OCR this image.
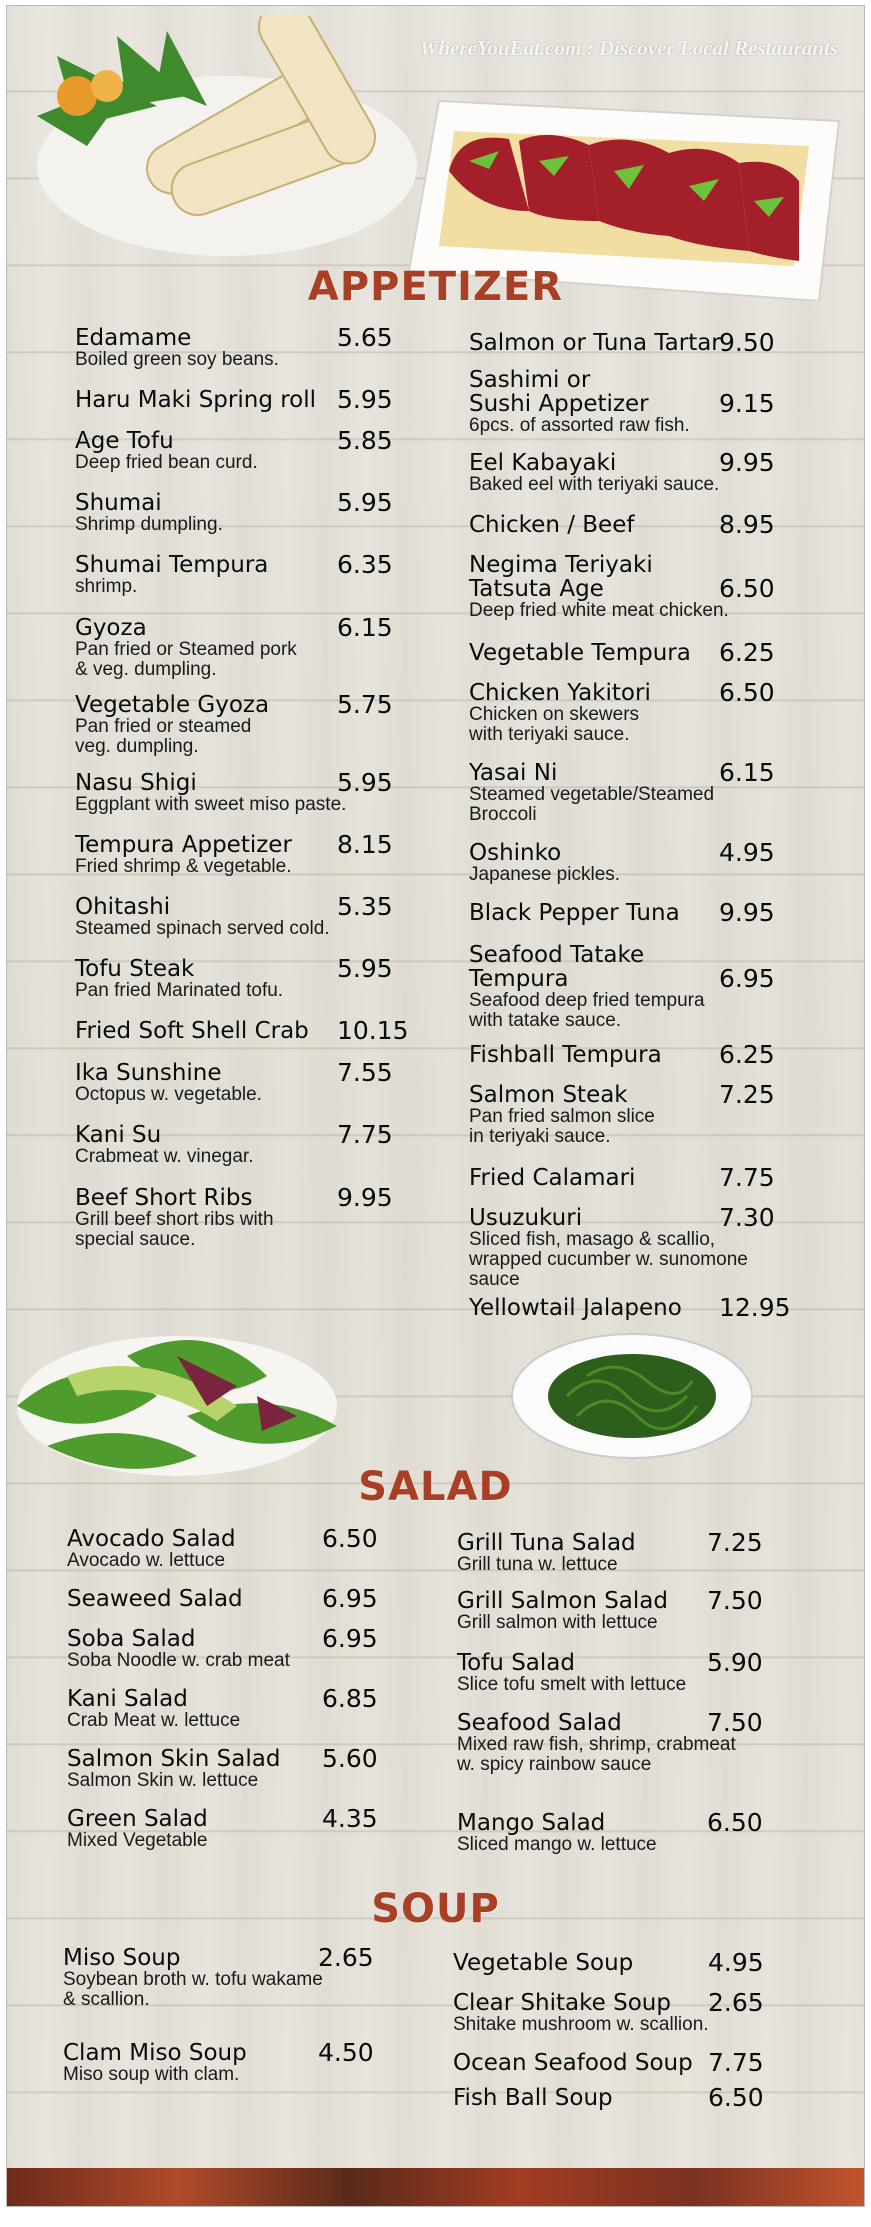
WhereYouEat.com : Discover Local Restaurants
APPETIZER
Edamame	5.65
Boiled green soy beans.
Haru Maki Spring roll 5.95
Age Tofu	5.85
Deep fried bean curd.
Shumai	5.95
Shrimp dumpling.
Shumai Tempura	6.35
shrimp.
Gyoza	6.15
Pan fried or Steamed pork
& veg. dumpling.
Vegetable Gyoza	5.75
Pan fried or steamed
veg. dumpling.
Nasu Shigi	5.95
Eggplant with sweet miso paste.
Tempura Appetizer	8.15
Fried shrimp & vegetable.
Ohitashi	5.35
Steamed spinach served cold.
Tofu Steak	5.95
Pan fried Marinated tofu.
Fried Soft Shell Crab	10.15
Ika Sunshine	7.55
Octopus w. vegetable.
Kani Su	7.75
Crabmeat w. vinegar.
Beef Short Ribs	9.95
Grill beef short ribs with
special sauce.
Salmon or Tuna Tartar
9.50
Sashimi or
Sushi Appetizer	9.15
6pcs. of assorted raw fish.
Eel Kabayaki	9.95
Baked eel with teriyaki sauce.
Chicken / Beef	8.95
Negima Teriyaki
Tatsuta Age	6.50
Deep fried white meat chicken.
Vegetable Tempura	6.25
Chicken Yakitori	6.50
Chicken on skewers
with teriyaki sauce.
Yasai Ni	6.15
Steamed vegetable/Steamed
Broccoli
Oshinko	4.95
Japanese pickles.
Black Pepper Tuna	9.95
Seafood Tatake
Tempura	6.95
Seafood deep fried tempura
with tatake sauce.
Fishball Tempura	6.25
Salmon Steak	7.25
Pan fried salmon slice
in teriyaki sauce.
Fried Calamari	7.75
Usuzukuri	7.30
Sliced fish, masago & scallio,
wrapped cucumber w. sunomone
sauce
Yellowtail Jalapeno	12.95
SALAD
Avocado Salad	6.50
Avocado w. lettuce
Seaweed Salad	6.95
Soba Salad	6.95
Soba Noodle w. crab meat
Kani Salad	6.85
Crab Meat w. lettuce
Salmon Skin Salad	5.60
Salmon Skin w. lettuce
Green Salad	4.35
Mixed Vegetable
Grill Tuna Salad	7.25
Grill tuna w. lettuce
Grill Salmon Salad	7.50
Grill salmon with lettuce
Tofu Salad	5.90
Slice tofu smelt with lettuce
Seafood Salad	7.50
Mixed raw fish, shrimp, crabmeat
w. spicy rainbow sauce
Mango Salad	6.50
Sliced mango w. lettuce
SOUP
Miso Soup	2.65
Soybean broth w. tofu wakame
& scallion.
Clam Miso Soup	4.50
Miso soup with clam.
Vegetable Soup	4.95
Clear Shitake Soup	2.65
Shitake mushroom w. scallion.
Ocean Seafood Soup 7.75
Fish Ball Soup	6.50
